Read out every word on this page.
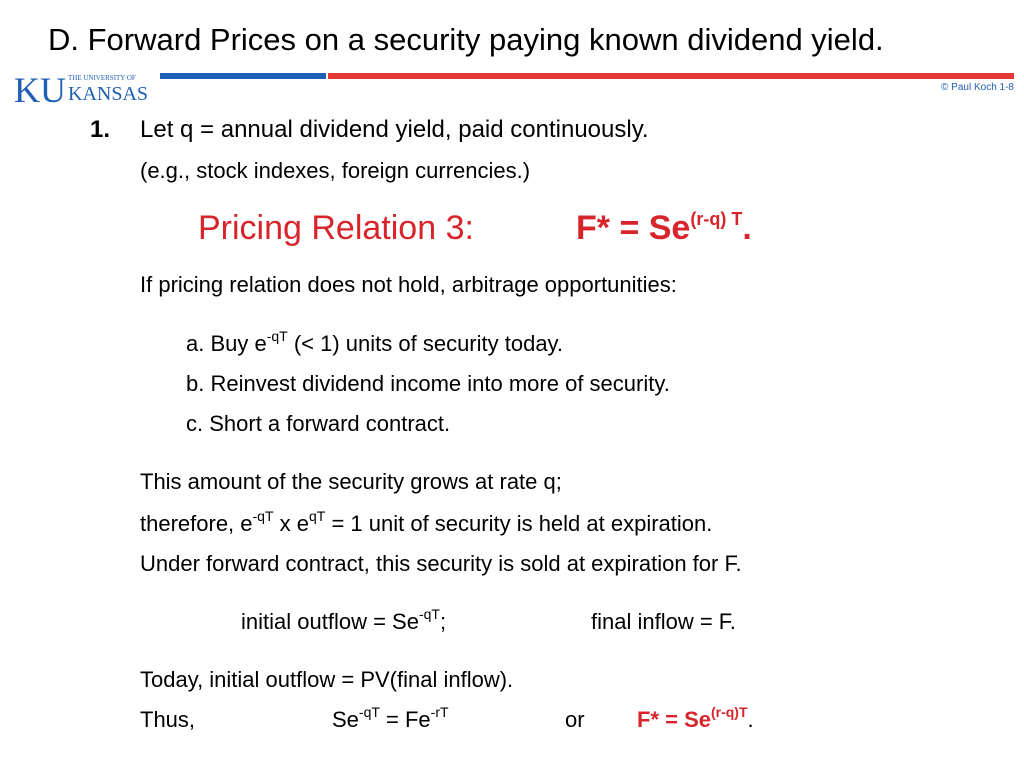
D. Forward Prices on a security paying known dividend yield.
KU THE UNIVERSITY OF
KANSAS	© Paul Koch 1-8
1. Let q = annual dividend yield, paid continuously.
(e.g., stock indexes, foreign currencies.)
Pricing Relation 3:	$F* = Se^{(r-q) T}$.
If pricing relation does not hold, arbitrage opportunities:
a. Buy $e^{-qT}$ (< 1) units of security today.
b. Reinvest dividend income into more of security.
c. Short a forward contract.
This amount of the security grows at rate q;
therefore, $e^{-qT}$ x $e^{qT} = 1$ unit of security is held at expiration.
Under forward contract, this security is sold at expiration for F.
initial outflow = $Se^{-qT}$;	final inflow = F.
Today, initial outflow = PV(final inflow).
Thus,	$Se^{-qT} = Fe^{-rT}$	or $F* = Se^{(r-q)T}$.
